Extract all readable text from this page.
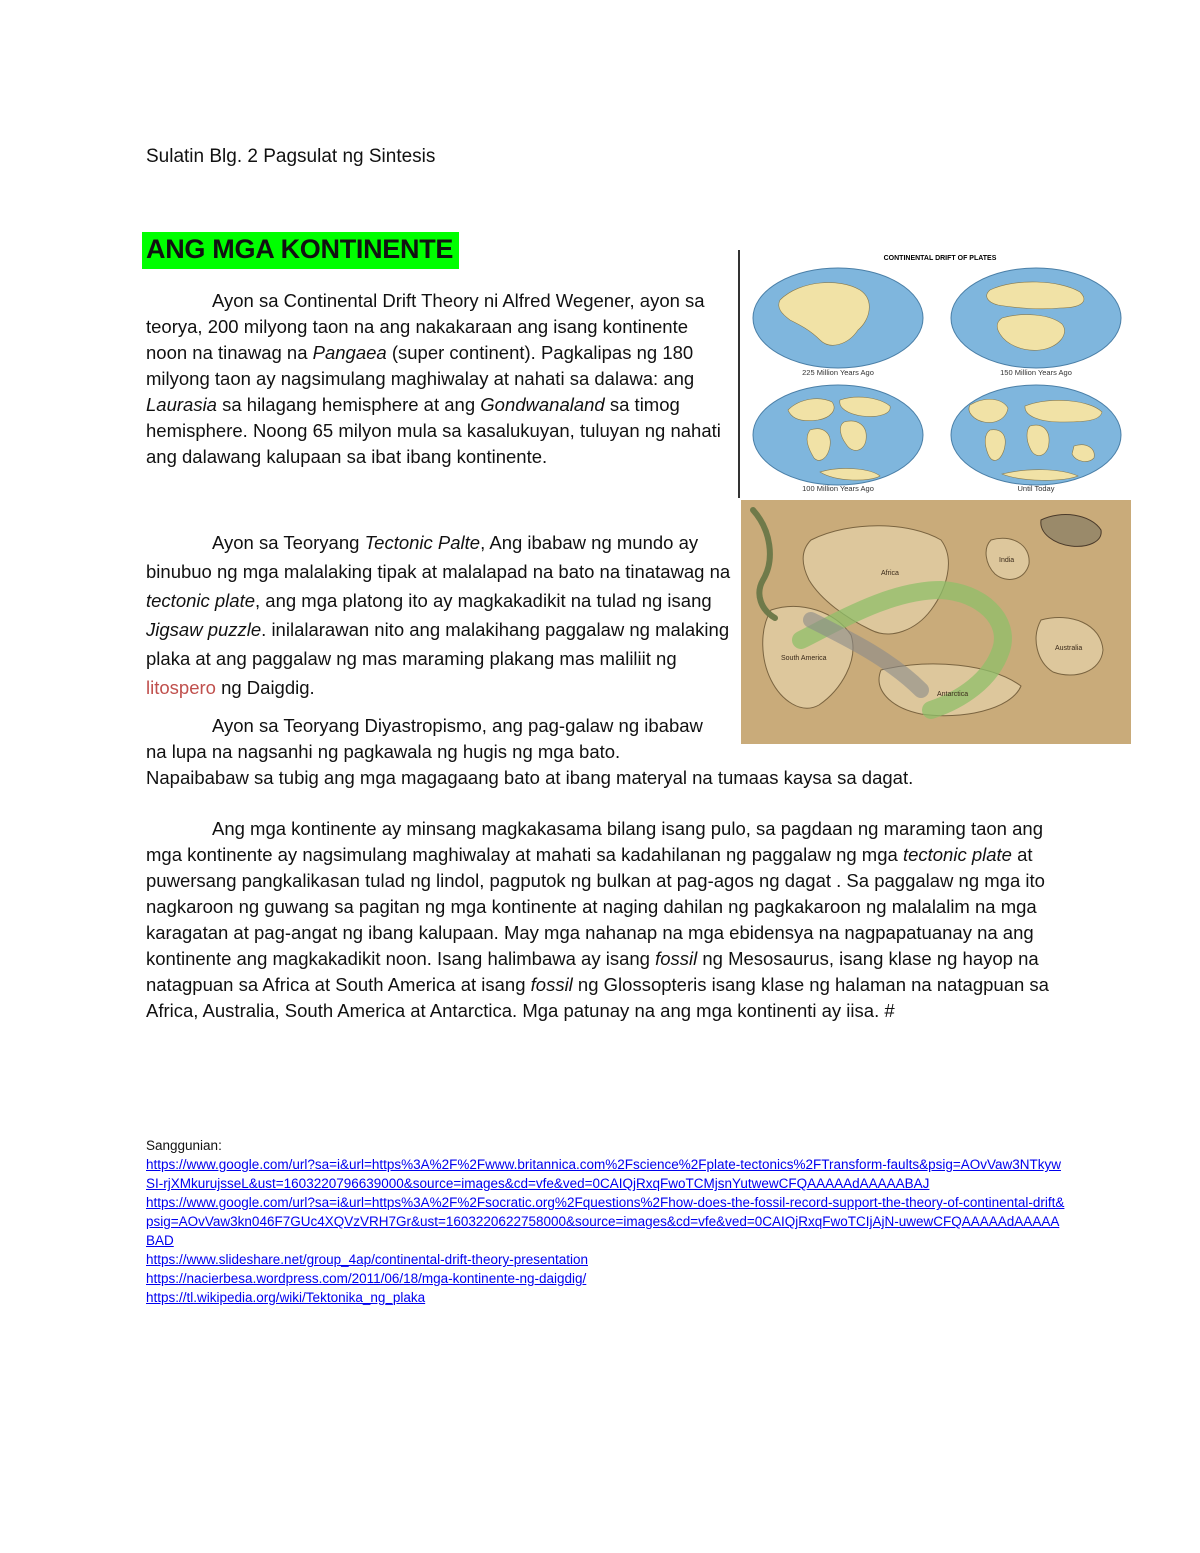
Sulatin Blg. 2 Pagsulat ng Sintesis
ANG MGA KONTINENTE

Ayon sa Continental Drift Theory ni Alfred Wegener, ayon sa teorya, 200 milyong taon na ang nakakaraan ang isang kontinente noon na tinawag na Pangaea (super continent). Pagkalipas ng 180 milyong taon ay nagsimulang maghiwalay at nahati sa dalawa: ang Laurasia sa hilagang hemisphere at ang Gondwanaland sa timog hemisphere. Noong 65 milyon mula sa kasalukuyan, tuluyan ng nahati ang dalawang kalupaan sa ibat ibang kontinente.

Ayon sa Teoryang Tectonic Palte, Ang ibabaw ng mundo ay binubuo ng mga malalaking tipak at malalapad na bato na tinatawag na tectonic plate, ang mga platong ito ay magkakadikit na tulad ng isang Jigsaw puzzle. inilalarawan nito ang malakihang paggalaw ng malaking plaka at ang paggalaw ng mas maraming plakang mas maliliit ng litospero ng Daigdig.

Ayon sa Teoryang Diyastropismo, ang pag-galaw ng ibabaw
na lupa na nagsanhi ng pagkawala ng hugis ng mga bato.
Napaibabaw sa tubig ang mga magagaang bato at ibang materyal na tumaas kaysa sa dagat.

Ang mga kontinente ay minsang magkakasama bilang isang pulo, sa pagdaan ng maraming taon ang mga kontinente ay nagsimulang maghiwalay at mahati sa kadahilanan ng paggalaw ng mga tectonic plate at puwersang pangkalikasan tulad ng lindol, pagputok ng bulkan at pag-agos ng dagat . Sa paggalaw ng mga ito nagkaroon ng guwang sa pagitan ng mga kontinente at naging dahilan ng pagkakaroon ng malalalim na mga karagatan at pag-angat ng ibang kalupaan. May mga nahanap na mga ebidensya na nagpapatuanay na ang kontinente ang magkakadikit noon. Isang halimbawa ay isang fossil ng Mesosaurus, isang klase ng hayop na natagpuan sa Africa at South America at isang fossil ng Glossopteris isang klase ng halaman na natagpuan sa Africa, Australia, South America at Antarctica. Mga patunay na ang mga kontinenti ay iisa. #

Sanggunian:
https://www.google.com/url?sa=i&url=https%3A%2F%2Fwww.britannica.com%2Fscience%2Fplate-tectonics%2FTransform-faults&psig=AOvVaw3NTkywSI-rjXMkurujsseL&ust=1603220796639000&source=images&cd=vfe&ved=0CAIQjRxqFwoTCMjsnYutwewCFQAAAAAdAAAAABAJ
https://www.google.com/url?sa=i&url=https%3A%2F%2Fsocratic.org%2Fquestions%2Fhow-does-the-fossil-record-support-the-theory-of-continental-drift&psig=AOvVaw3kn046F7GUc4XQVzVRH7Gr&ust=1603220622758000&source=images&cd=vfe&ved=0CAIQjRxqFwoTCIjAjN-uwewCFQAAAAAdAAAAABAD
https://www.slideshare.net/group_4ap/continental-drift-theory-presentation
https://nacierbesa.wordpress.com/2011/06/18/mga-kontinente-ng-daigdig/
https://tl.wikipedia.org/wiki/Tektonika_ng_plaka
CONTINENTAL DRIFT OF PLATES
225 Million Years Ago	150 Million Years Ago
100 Million Years Ago	Until Today
Africa
South America
India
Australia
Antarctica
